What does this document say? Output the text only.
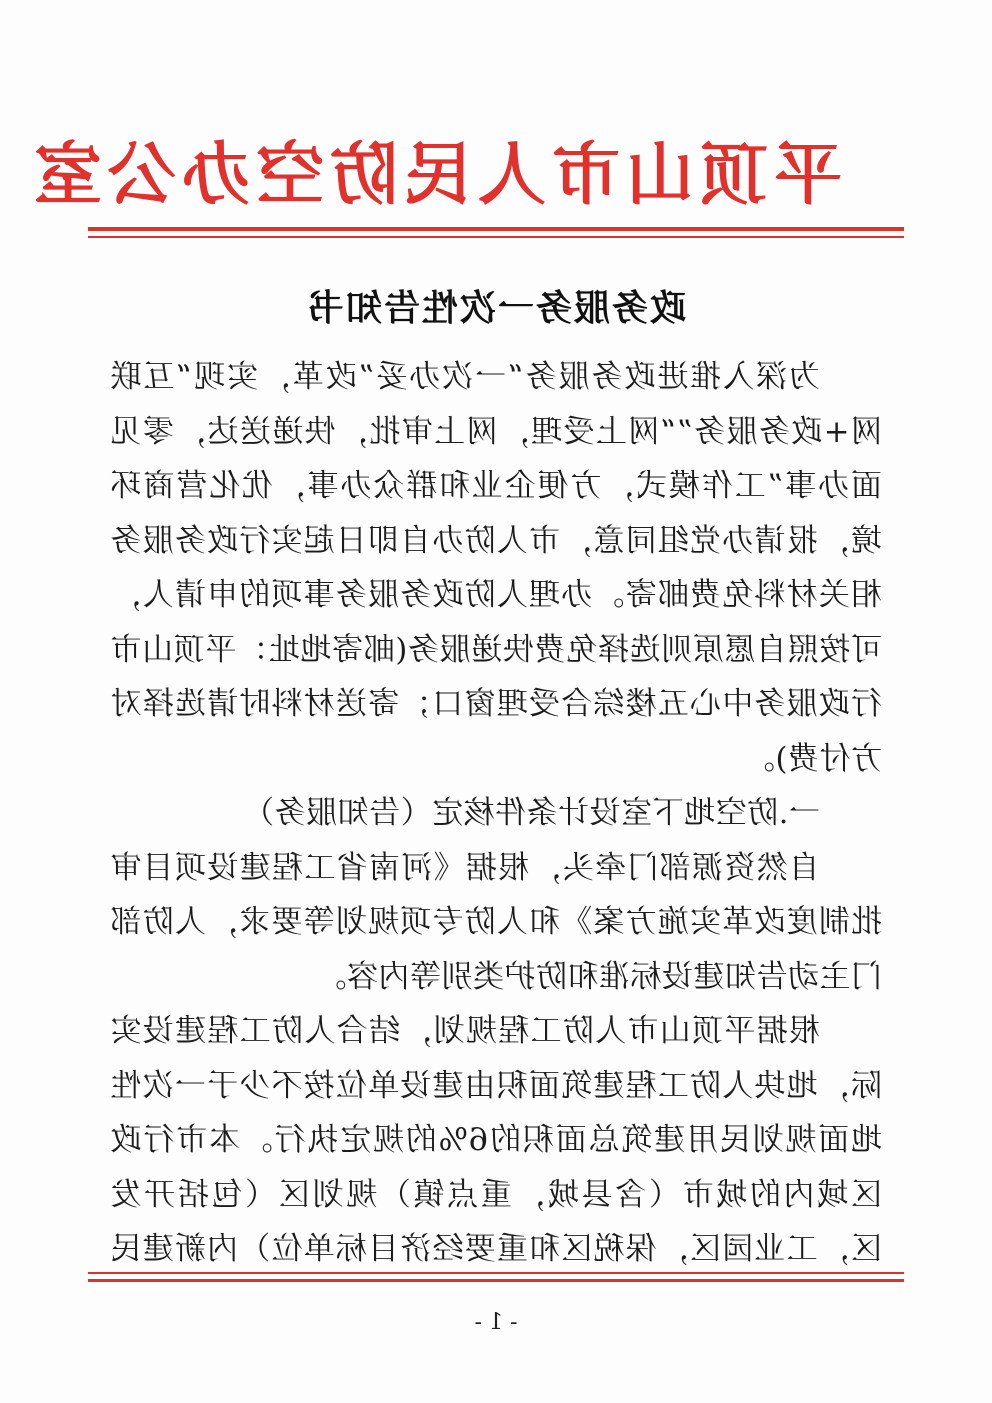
平顶山市人民防空办公室
政务服务一次性告知书

为深入推进政务服务“一次办妥”改革，实现“互联网+政务服务”“网上受理，网上审批，快递送达，零见面办事”工作模式，方便企业和群众办事，优化营商环境，报请办党组同意，市人防办自即日起实行政务服务相关材料免费邮寄。办理人防政务服务事项的申请人，可按照自愿原则选择免费快递服务(邮寄地址：平顶山市行政服务中心五楼综合受理窗口；寄送材料时请选择对方付费)。

一.防空地下室设计条件核定（告知服务）

自然资源部门牵头，根据《河南省工程建设项目审批制度改革实施方案》和人防专项规划等要求，人防部门主动告知建设标准和防护类别等内容。

根据平顶山市人防工程规划，结合人防工程建设实际，地块人防工程建筑面积由建设单位按不少于一次性地面规划民用建筑总面积的6%的规定执行。本市行政区域内的城市（含县城，重点镇）规划区（包括开发区，工业园区，保税区和重要经济目标单位）内新建民

- 1 -
